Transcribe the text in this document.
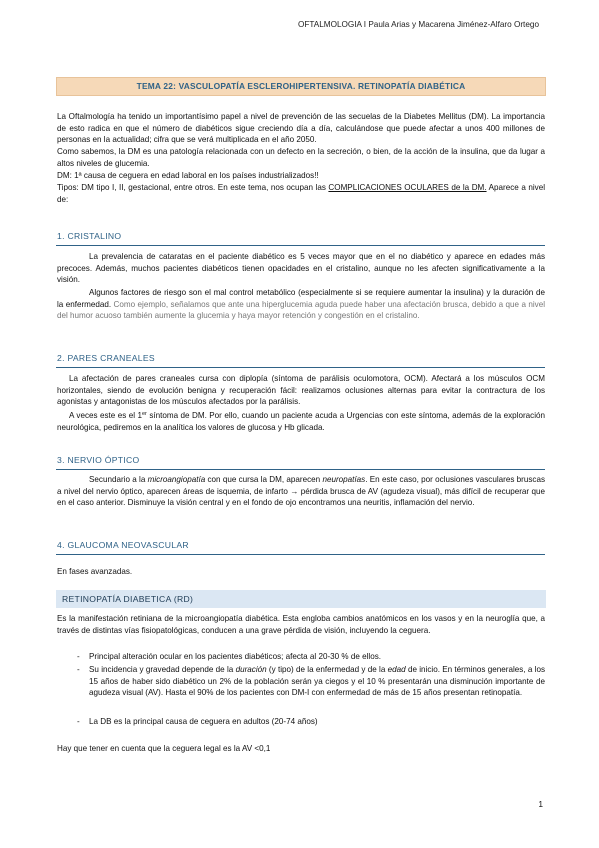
OFTALMOLOGIA I Paula Arias y Macarena Jiménez-Alfaro Ortego
TEMA 22: VASCULOPATÍA ESCLEROHIPERTENSIVA. RETINOPATÍA DIABÉTICA
La Oftalmología ha tenido un importantísimo papel a nivel de prevención de las secuelas de la Diabetes Mellitus (DM). La importancia de esto radica en que el número de diabéticos sigue creciendo día a día, calculándose que puede afectar a unos 400 millones de personas en la actualidad; cifra que se verá multiplicada en el año 2050.
Como sabemos, la DM es una patología relacionada con un defecto en la secreción, o bien, de la acción de la insulina, que da lugar a altos niveles de glucemia.
DM: 1ª causa de ceguera en edad laboral en los países industrializados!!
Tipos: DM tipo I, II, gestacional, entre otros. En este tema, nos ocupan las COMPLICACIONES OCULARES de la DM. Aparece a nivel de:
1. CRISTALINO
La prevalencia de cataratas en el paciente diabético es 5 veces mayor que en el no diabético y aparece en edades más precoces. Además, muchos pacientes diabéticos tienen opacidades en el cristalino, aunque no les afecten significativamente a la visión.
Algunos factores de riesgo son el mal control metabólico (especialmente si se requiere aumentar la insulina) y la duración de la enfermedad. Como ejemplo, señalamos que ante una hiperglucemia aguda puede haber una afectación brusca, debido a que a nivel del humor acuoso también aumente la glucemia y haya mayor retención y congestión en el cristalino.
2. PARES CRANEALES
La afectación de pares craneales cursa con diplopía (síntoma de parálisis oculomotora, OCM). Afectará a los músculos OCM horizontales, siendo de evolución benigna y recuperación fácil: realizamos oclusiones alternas para evitar la contractura de los agonistas y antagonistas de los músculos afectados por la parálisis.
A veces este es el 1er síntoma de DM. Por ello, cuando un paciente acuda a Urgencias con este síntoma, además de la exploración neurológica, pediremos en la analítica los valores de glucosa y Hb glicada.
3. NERVIO ÓPTICO
Secundario a la microangiopatía con que cursa la DM, aparecen neuropatías. En este caso, por oclusiones vasculares bruscas a nivel del nervio óptico, aparecen áreas de isquemia, de infarto → pérdida brusca de AV (agudeza visual), más difícil de recuperar que en el caso anterior. Disminuye la visión central y en el fondo de ojo encontramos una neuritis, inflamación del nervio.
4. GLAUCOMA NEOVASCULAR
En fases avanzadas.
RETINOPATÍA DIABETICA (RD)
Es la manifestación retiniana de la microangiopatía diabética. Esta engloba cambios anatómicos en los vasos y en la neuroglía que, a través de distintas vías fisiopatológicas, conducen a una grave pérdida de visión, incluyendo la ceguera.
- Principal alteración ocular en los pacientes diabéticos; afecta al 20-30 % de ellos.
- Su incidencia y gravedad depende de la duración (y tipo) de la enfermedad y de la edad de inicio. En términos generales, a los 15 años de haber sido diabético un 2% de la población serán ya ciegos y el 10 % presentarán una disminución importante de agudeza visual (AV). Hasta el 90% de los pacientes con DM-I con enfermedad de más de 15 años presentan retinopatía.
- La DB es la principal causa de ceguera en adultos (20-74 años)
Hay que tener en cuenta que la ceguera legal es la AV <0,1
1
